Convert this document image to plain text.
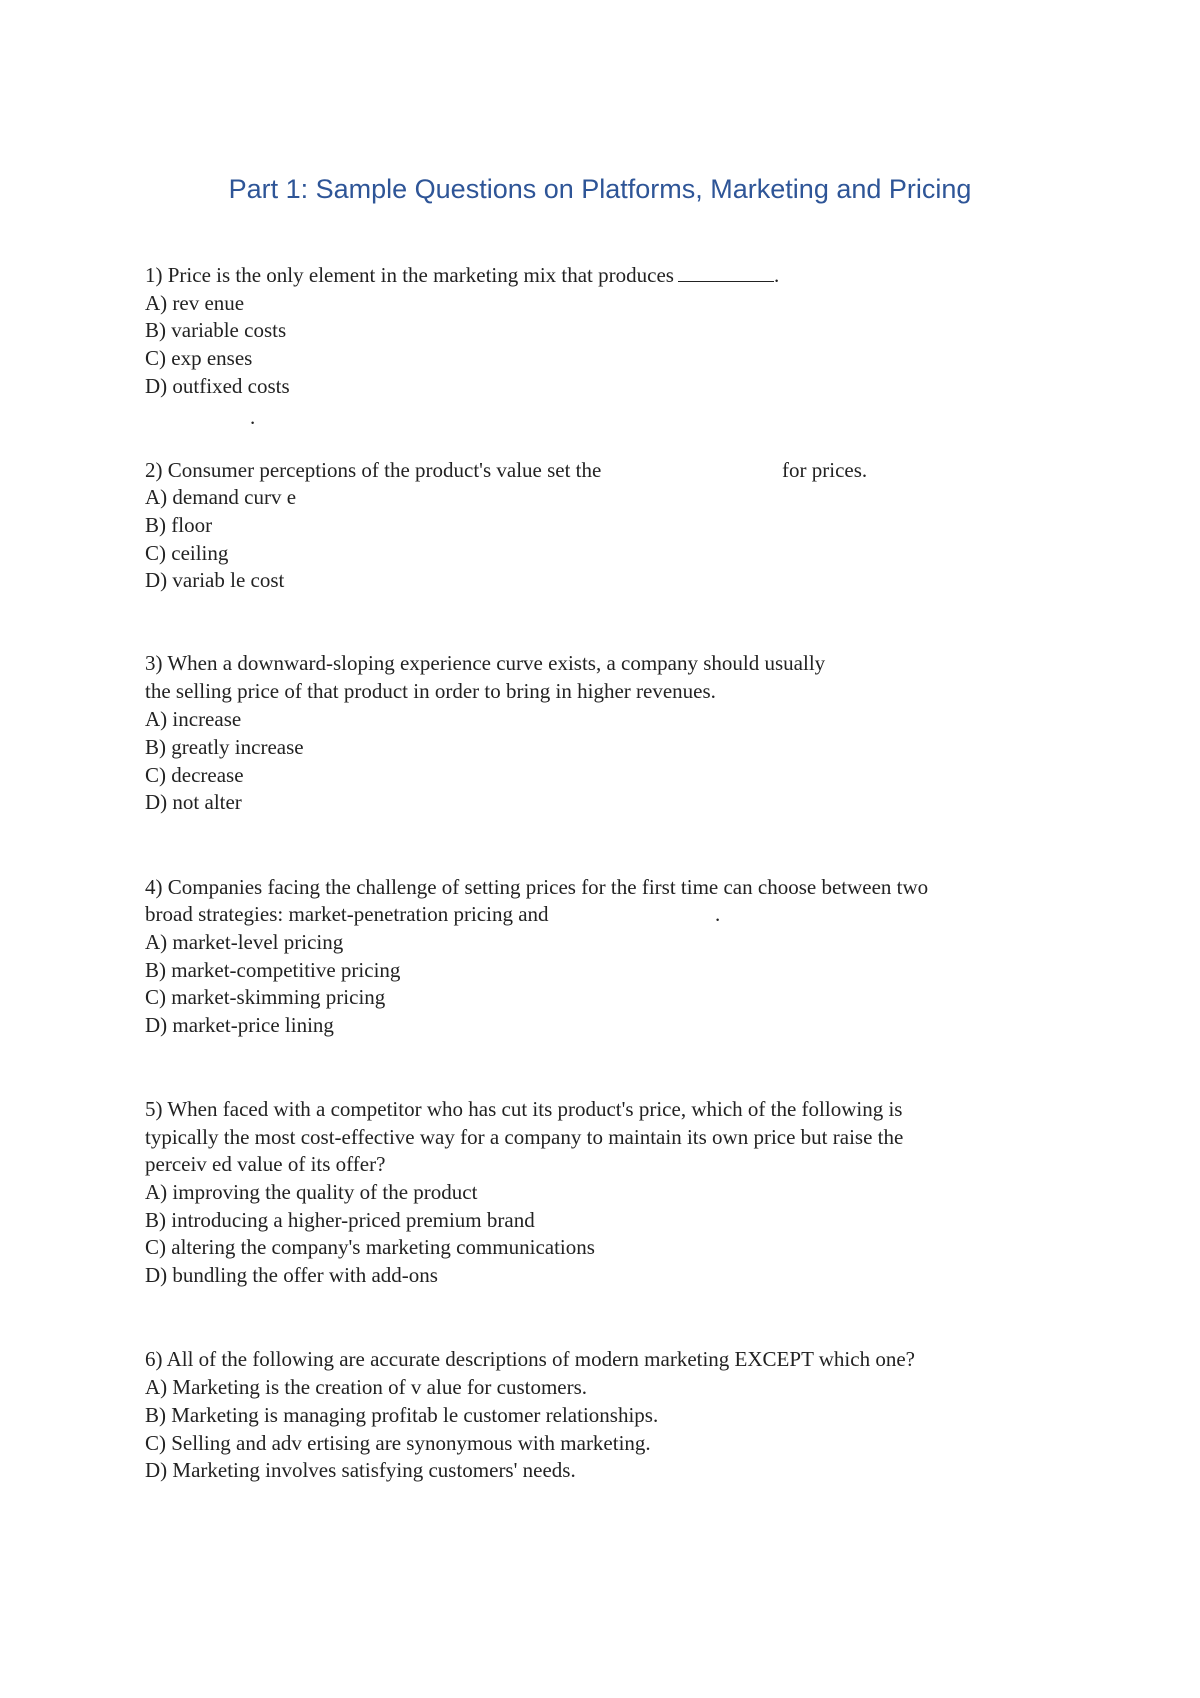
Part 1: Sample Questions on Platforms, Marketing and Pricing
1) Price is the only element in the marketing mix that produces	.
A) rev enue
B) variable costs
C) exp enses
D) outfixed costs
.
2) Consumer perceptions of the product's value set the	for prices.
A) demand curv e
B) floor
C) ceiling
D) variab le cost
3) When a downward-sloping experience curve exists, a company should usually
the selling price of that product in order to bring in higher revenues.
A) increase
B) greatly increase
C) decrease
D) not alter
4) Companies facing the challenge of setting prices for the first time can choose between two
broad strategies: market-penetration pricing and	.
A) market-level pricing
B) market-competitive pricing
C) market-skimming pricing
D) market-price lining
5) When faced with a competitor who has cut its product's price, which of the following is
typically the most cost-effective way for a company to maintain its own price but raise the
perceiv ed value of its offer?
A) improving the quality of the product
B) introducing a higher-priced premium brand
C) altering the company's marketing communications
D) bundling the offer with add-ons
6) All of the following are accurate descriptions of modern marketing EXCEPT which one?
A) Marketing is the creation of v alue for customers.
B) Marketing is managing profitab le customer relationships.
C) Selling and adv ertising are synonymous with marketing.
D) Marketing involves satisfying customers' needs.
